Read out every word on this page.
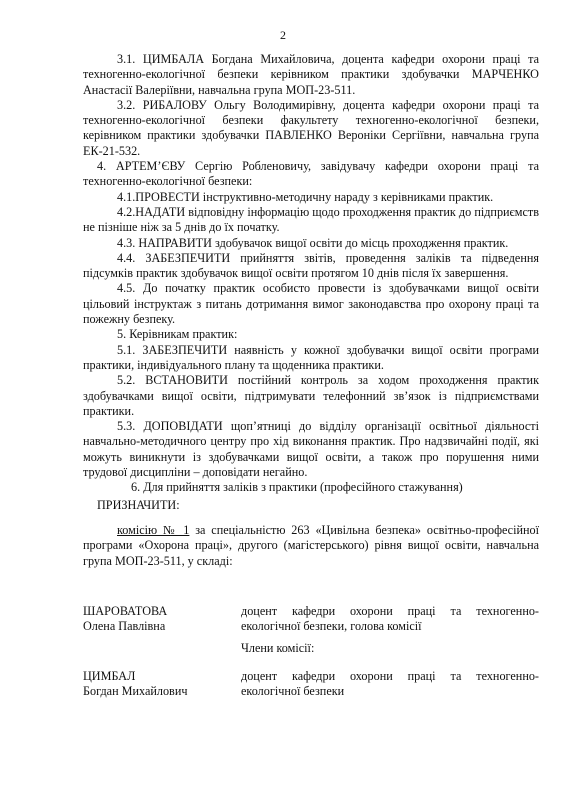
2

3.1. ЦИМБАЛА Богдана Михайловича, доцента кафедри охорони праці та техногенно-екологічної безпеки керівником практики здобувачки МАРЧЕНКО Анастасії Валеріївни, навчальна група МОП-23-511.

3.2. РИБАЛОВУ Ольгу Володимирівну, доцента кафедри охорони праці та техногенно-екологічної безпеки факультету техногенно-екологічної безпеки, керівником практики здобувачки ПАВЛЕНКО Вероніки Сергіївни, навчальна група ЕК-21-532.

4. АРТЕМ’ЄВУ Сергію Робленовичу, завідувачу кафедри охорони праці та техногенно-екологічної безпеки:

4.1.ПРОВЕСТИ інструктивно-методичну нараду з керівниками практик.

4.2.НАДАТИ відповідну інформацію щодо проходження практик до підприємств не пізніше ніж за 5 днів до їх початку.

4.3. НАПРАВИТИ здобувачок вищої освіти до місць проходження практик.

4.4. ЗАБЕЗПЕЧИТИ прийняття звітів, проведення заліків та підведення підсумків практик здобувачок вищої освіти протягом 10 днів після їх завершення.

4.5. До початку практик особисто провести із здобувачками вищої освіти цільовий інструктаж з питань дотримання вимог законодавства про охорону праці та пожежну безпеку.

5. Керівникам практик:

5.1. ЗАБЕЗПЕЧИТИ наявність у кожної здобувачки вищої освіти програми практики, індивідуального плану та щоденника практики.

5.2. ВСТАНОВИТИ постійний контроль за ходом проходження практик здобувачками вищої освіти, підтримувати телефонний зв’язок із підприємствами практики.

5.3. ДОПОВІДАТИ щоп’ятниці до відділу організації освітньої діяльності навчально-методичного центру про хід виконання практик. Про надзвичайні події, які можуть виникнути із здобувачками вищої освіти, а також про порушення ними трудової дисципліни – доповідати негайно.

6. Для прийняття заліків з практики (професійного стажування)

ПРИЗНАЧИТИ:

комісію № 1 за спеціальністю 263 «Цивільна безпека» освітньо-професійної програми «Охорона праці», другого (магістерського) рівня вищої освіти, навчальна група МОП-23-511, у складі:

ШАРОВАТОВА
Олена Павлівна
доцент кафедри охорони праці та техногенно-екологічної безпеки, голова комісії
Члени комісії:
ЦИМБАЛ
Богдан Михайлович
доцент кафедри охорони праці та техногенно-екологічної безпеки
